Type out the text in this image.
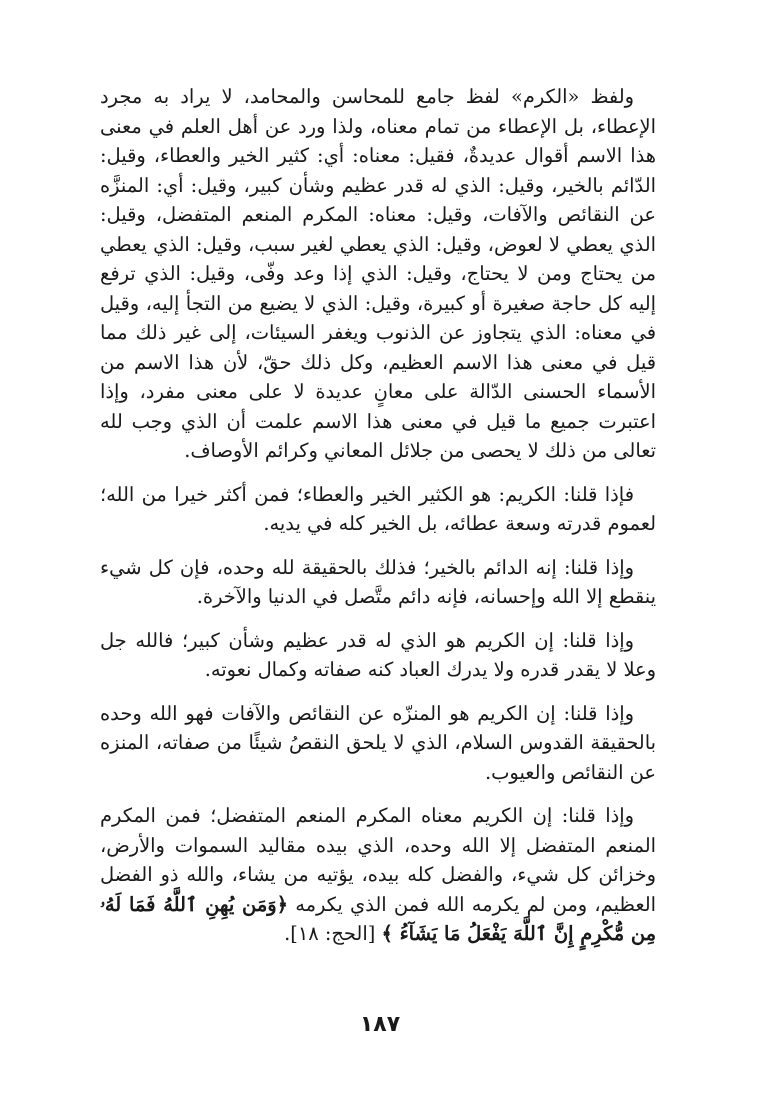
ولفظ «الكرم» لفظ جامع للمحاسن والمحامد، لا يراد به مجرد الإعطاء، بل الإعطاء من تمام معناه، ولذا ورد عن أهل العلم في معنى هذا الاسم أقوال عديدةٌ، فقيل: معناه: أي: كثير الخير والعطاء، وقيل: الدّائم بالخير، وقيل: الذي له قدر عظيم وشأن كبير، وقيل: أي: المنزَّه عن النقائص والآفات، وقيل: معناه: المكرم المنعم المتفضل، وقيل: الذي يعطي لا لعوض، وقيل: الذي يعطي لغير سبب، وقيل: الذي يعطي من يحتاج ومن لا يحتاج، وقيل: الذي إذا وعد وفّى، وقيل: الذي ترفع إليه كل حاجة صغيرة أو كبيرة، وقيل: الذي لا يضيع من التجأ إليه، وقيل في معناه: الذي يتجاوز عن الذنوب ويغفر السيئات، إلى غير ذلك مما قيل في معنى هذا الاسم العظيم، وكل ذلك حقّ، لأن هذا الاسم من الأسماء الحسنى الدّالة على معانٍ عديدة لا على معنى مفرد، وإذا اعتبرت جميع ما قيل في معنى هذا الاسم علمت أن الذي وجب لله تعالى من ذلك لا يحصى من جلائل المعاني وكرائم الأوصاف.

فإذا قلنا: الكريم: هو الكثير الخير والعطاء؛ فمن أكثر خيرا من الله؛ لعموم قدرته وسعة عطائه، بل الخير كله في يديه.

وإذا قلنا: إنه الدائم بالخير؛ فذلك بالحقيقة لله وحده، فإن كل شيء ينقطع إلا الله وإحسانه، فإنه دائم متَّصل في الدنيا والآخرة.

وإذا قلنا: إن الكريم هو الذي له قدر عظيم وشأن كبير؛ فالله جل وعلا لا يقدر قدره ولا يدرك العباد كنه صفاته وكمال نعوته.

وإذا قلنا: إن الكريم هو المنزّه عن النقائص والآفات فهو الله وحده بالحقيقة القدوس السلام، الذي لا يلحق النقصُ شيئًا من صفاته، المنزه عن النقائص والعيوب.

وإذا قلنا: إن الكريم معناه المكرم المنعم المتفضل؛ فمن المكرم المنعم المتفضل إلا الله وحده، الذي بيده مقاليد السموات والأرض، وخزائن كل شيء، والفضل كله بيده، يؤتيه من يشاء، والله ذو الفضل العظيم، ومن لم يكرمه الله فمن الذي يكرمه ﴿وَمَن يُهِنِ ٱللَّهُ فَمَا لَهُۥ مِن مُّكْرِمٍ إِنَّ ٱللَّهَ يَفْعَلُ مَا يَشَآءُ ﴾ [الحج: ١٨].

١٨٧
